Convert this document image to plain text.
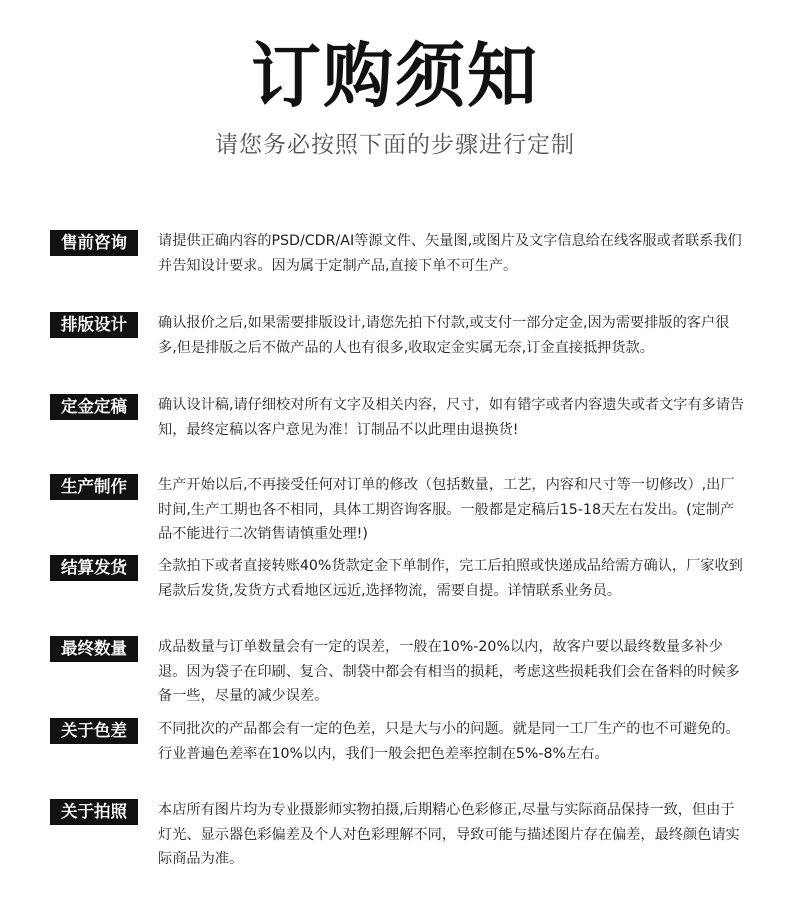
订购须知
请您务必按照下面的步骤进行定制
售前咨询	请提供正确内容的PSD/CDR/AI等源文件、矢量图,或图片及文字信息给在线客服或者联系我们并告知设计要求。因为属于定制产品,直接下单不可生产。
排版设计	确认报价之后,如果需要排版设计,请您先拍下付款,或支付一部分定金,因为需要排版的客户很多,但是排版之后不做产品的人也有很多,收取定金实属无奈,订金直接抵押货款。
定金定稿	确认设计稿,请仔细校对所有文字及相关内容，尺寸，如有错字或者内容遗失或者文字有多请告知，最终定稿以客户意见为准！订制品不以此理由退换货!
生产制作	生产开始以后,不再接受任何对订单的修改（包括数量，工艺，内容和尺寸等一切修改）,出厂时间,生产工期也各不相同，具体工期咨询客服。一般都是定稿后15-18天左右发出。(定制产品不能进行二次销售请慎重处理!)
结算发货	全款拍下或者直接转账40%货款定金下单制作，完工后拍照或快递成品给需方确认，厂家收到尾款后发货,发货方式看地区远近,选择物流，需要自提。详情联系业务员。
最终数量	成品数量与订单数量会有一定的误差，一般在10%-20%以内，故客户要以最终数量多补少退。因为袋子在印刷、复合、制袋中都会有相当的损耗，考虑这些损耗我们会在备料的时候多备一些，尽量的减少误差。
关于色差	不同批次的产品都会有一定的色差，只是大与小的问题。就是同一工厂生产的也不可避免的。行业普遍色差率在10%以内，我们一般会把色差率控制在5%-8%左右。
关于拍照	本店所有图片均为专业摄影师实物拍摄,后期精心色彩修正,尽量与实际商品保持一致，但由于灯光、显示器色彩偏差及个人对色彩理解不同，导致可能与描述图片存在偏差，最终颜色请实际商品为准。
